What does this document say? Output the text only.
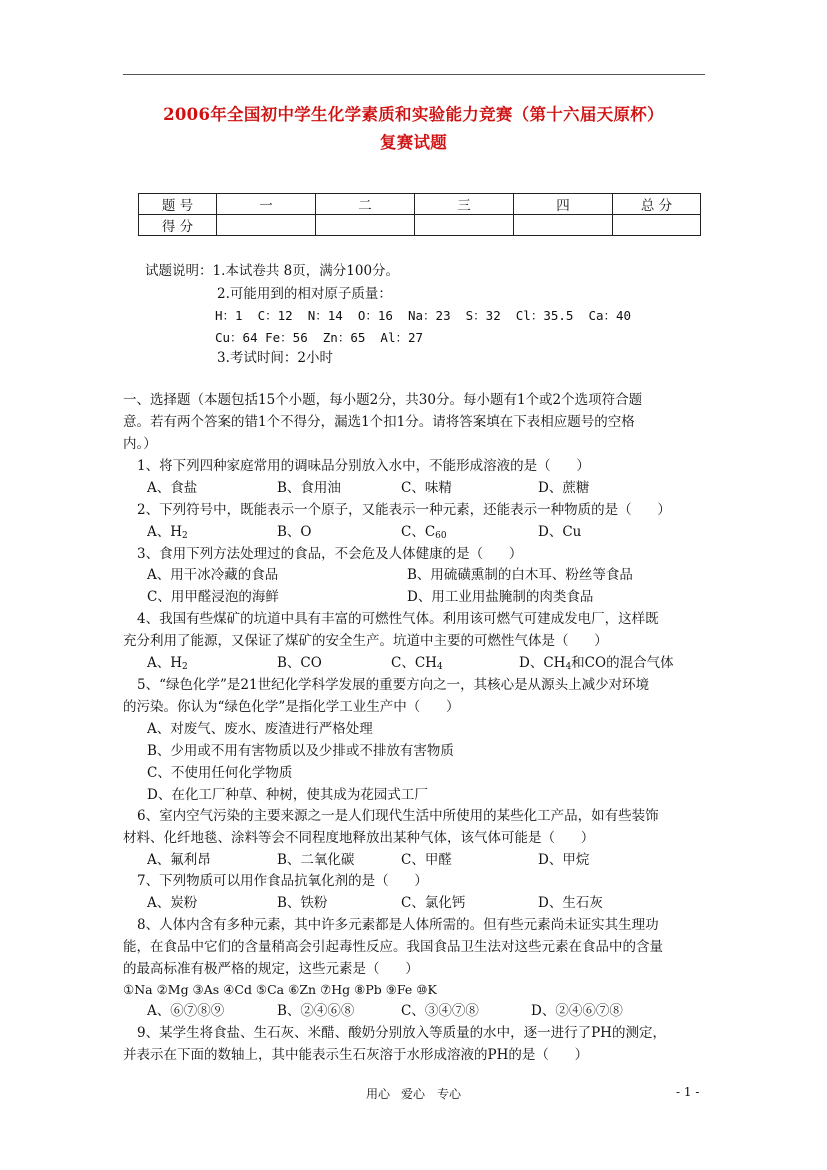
2006年全国初中学生化学素质和实验能力竞赛（第十六届天原杯）
复赛试题
题 号	一	二	三	四	总 分
得 分					
试题说明：1.本试卷共 8页，满分100分。
2.可能用到的相对原子质量：
H：1  C：12  N：14  O：16  Na：23  S：32  Cl：35.5  Ca：40
Cu：64 Fe：56  Zn：65  Al：27
3.考试时间：2小时
一、选择题（本题包括15个小题，每小题2分，共30分。每小题有1个或2个选项符合题
意。若有两个答案的错1个不得分，漏选1个扣1分。请将答案填在下表相应题号的空格
内。）
1、将下列四种家庭常用的调味品分别放入水中，不能形成溶液的是（      ）
A、食盐	B、食用油	C、味精	D、蔗糖
2、下列符号中，既能表示一个原子，又能表示一种元素，还能表示一种物质的是（      ）
A、$H_2$	B、O	C、$C_{60}$	D、Cu
3、食用下列方法处理过的食品，不会危及人体健康的是（      ）
A、用干冰冷藏的食品	B、用硫磺熏制的白木耳、粉丝等食品
C、用甲醛浸泡的海鲜	D、用工业用盐腌制的肉类食品
4、我国有些煤矿的坑道中具有丰富的可燃性气体。利用该可燃气可建成发电厂，这样既
充分利用了能源，又保证了煤矿的安全生产。坑道中主要的可燃性气体是（      ）
A、$H_2$	B、CO	C、$CH_4$	D、$CH_4$和CO的混合气体
5、“绿色化学”是21世纪化学科学发展的重要方向之一，其核心是从源头上减少对环境
的污染。你认为“绿色化学”是指化学工业生产中（      ）
A、对废气、废水、废渣进行严格处理
B、少用或不用有害物质以及少排或不排放有害物质
C、不使用任何化学物质
D、在化工厂种草、种树，使其成为花园式工厂
6、室内空气污染的主要来源之一是人们现代生活中所使用的某些化工产品，如有些装饰
材料、化纤地毯、涂料等会不同程度地释放出某种气体，该气体可能是（      ）
A、氟利昂	B、二氧化碳	C、甲醛	D、甲烷
7、下列物质可以用作食品抗氧化剂的是（      ）
A、炭粉	B、铁粉	C、氯化钙	D、生石灰
8、人体内含有多种元素，其中许多元素都是人体所需的。但有些元素尚未证实其生理功
能，在食品中它们的含量稍高会引起毒性反应。我国食品卫生法对这些元素在食品中的含量
的最高标准有极严格的规定，这些元素是（      ）
①Na ②Mg ③As ④Cd ⑤Ca ⑥Zn ⑦Hg ⑧Pb ⑨Fe ⑩K
A、⑥⑦⑧⑨	B、②④⑥⑧	C、③④⑦⑧	D、②④⑥⑦⑧
9、某学生将食盐、生石灰、米醋、酸奶分别放入等质量的水中，逐一进行了PH的测定，
并表示在下面的数轴上，其中能表示生石灰溶于水形成溶液的PH的是（      ）
用心 爱心 专心	- 1 -
